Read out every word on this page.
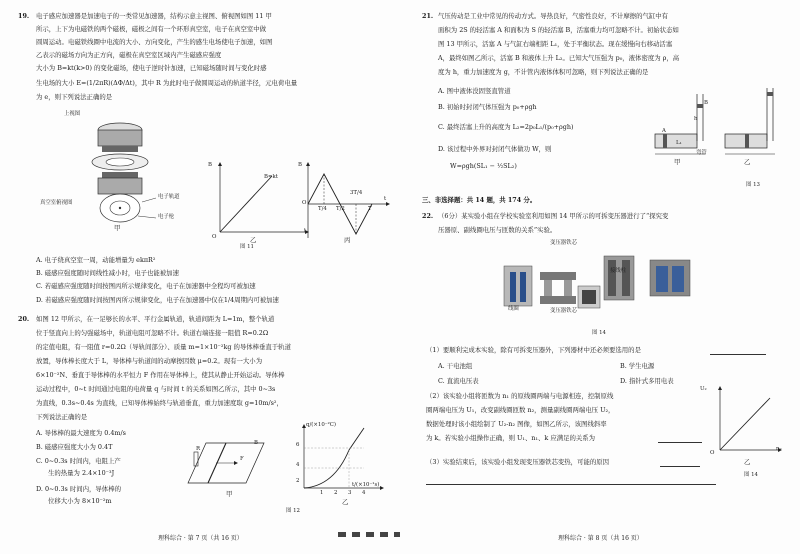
19. 电子感应加速器是加速电子的一类常见加速器，结构示意主视图、俯视图如图 11 甲
所示，上下为电磁铁的两个磁极，磁极之间有一个环形真空室，电子在真空室中做
圆周运动。电磁铁线圈中电流的大小、方向变化，产生的感生电场使电子加速，如图
乙表示的磁场方向为正方向，磁极在真空室区域内产生磁感应强度
大小为 B=kt(k>0) 的变化磁场，使电子逆时针加速，已知磁场随时间与变化时感
生电场的大小 E=(1/2πR)(ΔΦ/Δt)，其中 R 为此时电子做圆周运动的轨道半径，元电荷电量
为 e，则下列说法正确的是
上视图
真空室俯视图
电子轨道
电子枪
甲
B
B=kt
O
t
乙
B
O
T/4 T/2
3T/4
T
t
丙
图 11
A. 电子绕真空室一周，动能增量为 ekπR²
B. 磁感应强度随时间线性减小时，电子也能被加速
C. 若磁感应强度随时间按图丙所示规律变化，电子在加速器中全程均可被加速
D. 若磁感应强度随时间按图丙所示规律变化，电子在加速器中仅在1/4周期内可被加速
20. 如图 12 甲所示，在一足够长的水平、平行金属轨道，轨道间距为 L=1m，整个轨道
位于竖直向上的匀强磁场中，轨道电阻可忽略不计。轨道右端连接一阻值 R=0.2Ω
的定值电阻，有一阻值 r=0.2Ω（导轨间部分）、质量 m=1×10⁻²kg 的导体棒垂直于轨道
放置，导体棒长度大于 L，导体棒与轨道间的动摩擦因数 μ=0.2。现有一大小为
6×10⁻²N、垂直于导体棒的水平恒力 F 作用在导体棒上，使其从静止开始运动。导体棒
运动过程中，0~t 时间通过电阻的电荷量 q 与时间 t 的关系如图乙所示，其中 0~3s
为直线，0.3s~0.4s 为直线，已知导体棒始终与轨道垂直，重力加速度取 g=10m/s²，
下列说法正确的是
A. 导体棒的最大速度为 0.4m/s
B. 磁感应强度大小为 0.4T
C. 0~0.3s 时间内，电阻上产
生的热量为 2.4×10⁻³J
D. 0~0.3s 时间内，导体棒的
位移大小为 8×10⁻²m
R
F
B
甲
q/(×10⁻²C)
6
4
2
1 2 3 4
t/(×10⁻¹s)
乙
图 12
理科综合 · 第 7 页（共 16 页）
21. 气压传动是工业中常见的传动方式。导热良好，气密性良好，不计摩擦的气缸中有
面积为 2S 的轻活塞 A 和面积为 S 的轻活塞 B，活塞重力均可忽略不计。初始状态如
图 13 甲所示，活塞 A 与气缸右端相距 L₁，处于平衡状态。现在缓慢向右移动活塞
A，最终如图乙所示，活塞 B 和液体上升 L₂。已知大气压强为 p₀，液体密度为 ρ，高
度为 h，重力加速度为 g，不计管内液体体积可忽略，则下列说法正确的是
A. 图中液体没固竖直管道
B. 初始时封闭气体压强为 p₀+ρgh
C. 最终活塞上升的高度为 L₂=2p₀L₁/(p₀+ρgh)
D. 该过程中外界对封闭气体做功 W，则
W=ρgh(SL₁ − ½SL₂)
A
B
h
L₁
弯管
甲	乙
图 13
三、非选择题：共 14 题，共 174 分。
22. （6分）某实验小组在学校实验室利用如图 14 甲所示的可拆变压器进行了“探究变
压器原、副线圈电压与匝数的关系”实验。
变压器铁芯
线圈
接线柱
变压器铁芯
图 14
（1）要顺利完成本实验，除有可拆变压器外，下列器材中还必须要选用的是
A. 干电池组	B. 学生电源
C. 直流电压表	D. 指针式多用电表
（2）该实验小组将匝数为 n₁ 的原线圈两端与电源相连，控制原线
圈两端电压为 U₁，改变副线圈匝数 n₂，测量副线圈两端电压 U₂，
数据处理时该小组绘制了 U₂-n₂ 图像，如图乙所示，该图线斜率
为 k。若实验小组操作正确，则 U₁、n₁、k 应满足的关系为
U₂
O
n₂
乙
图 14
（3）实验结束后，该实验小组发现变压器铁芯变热，可能的原因
理科综合 · 第 8 页（共 16 页）
